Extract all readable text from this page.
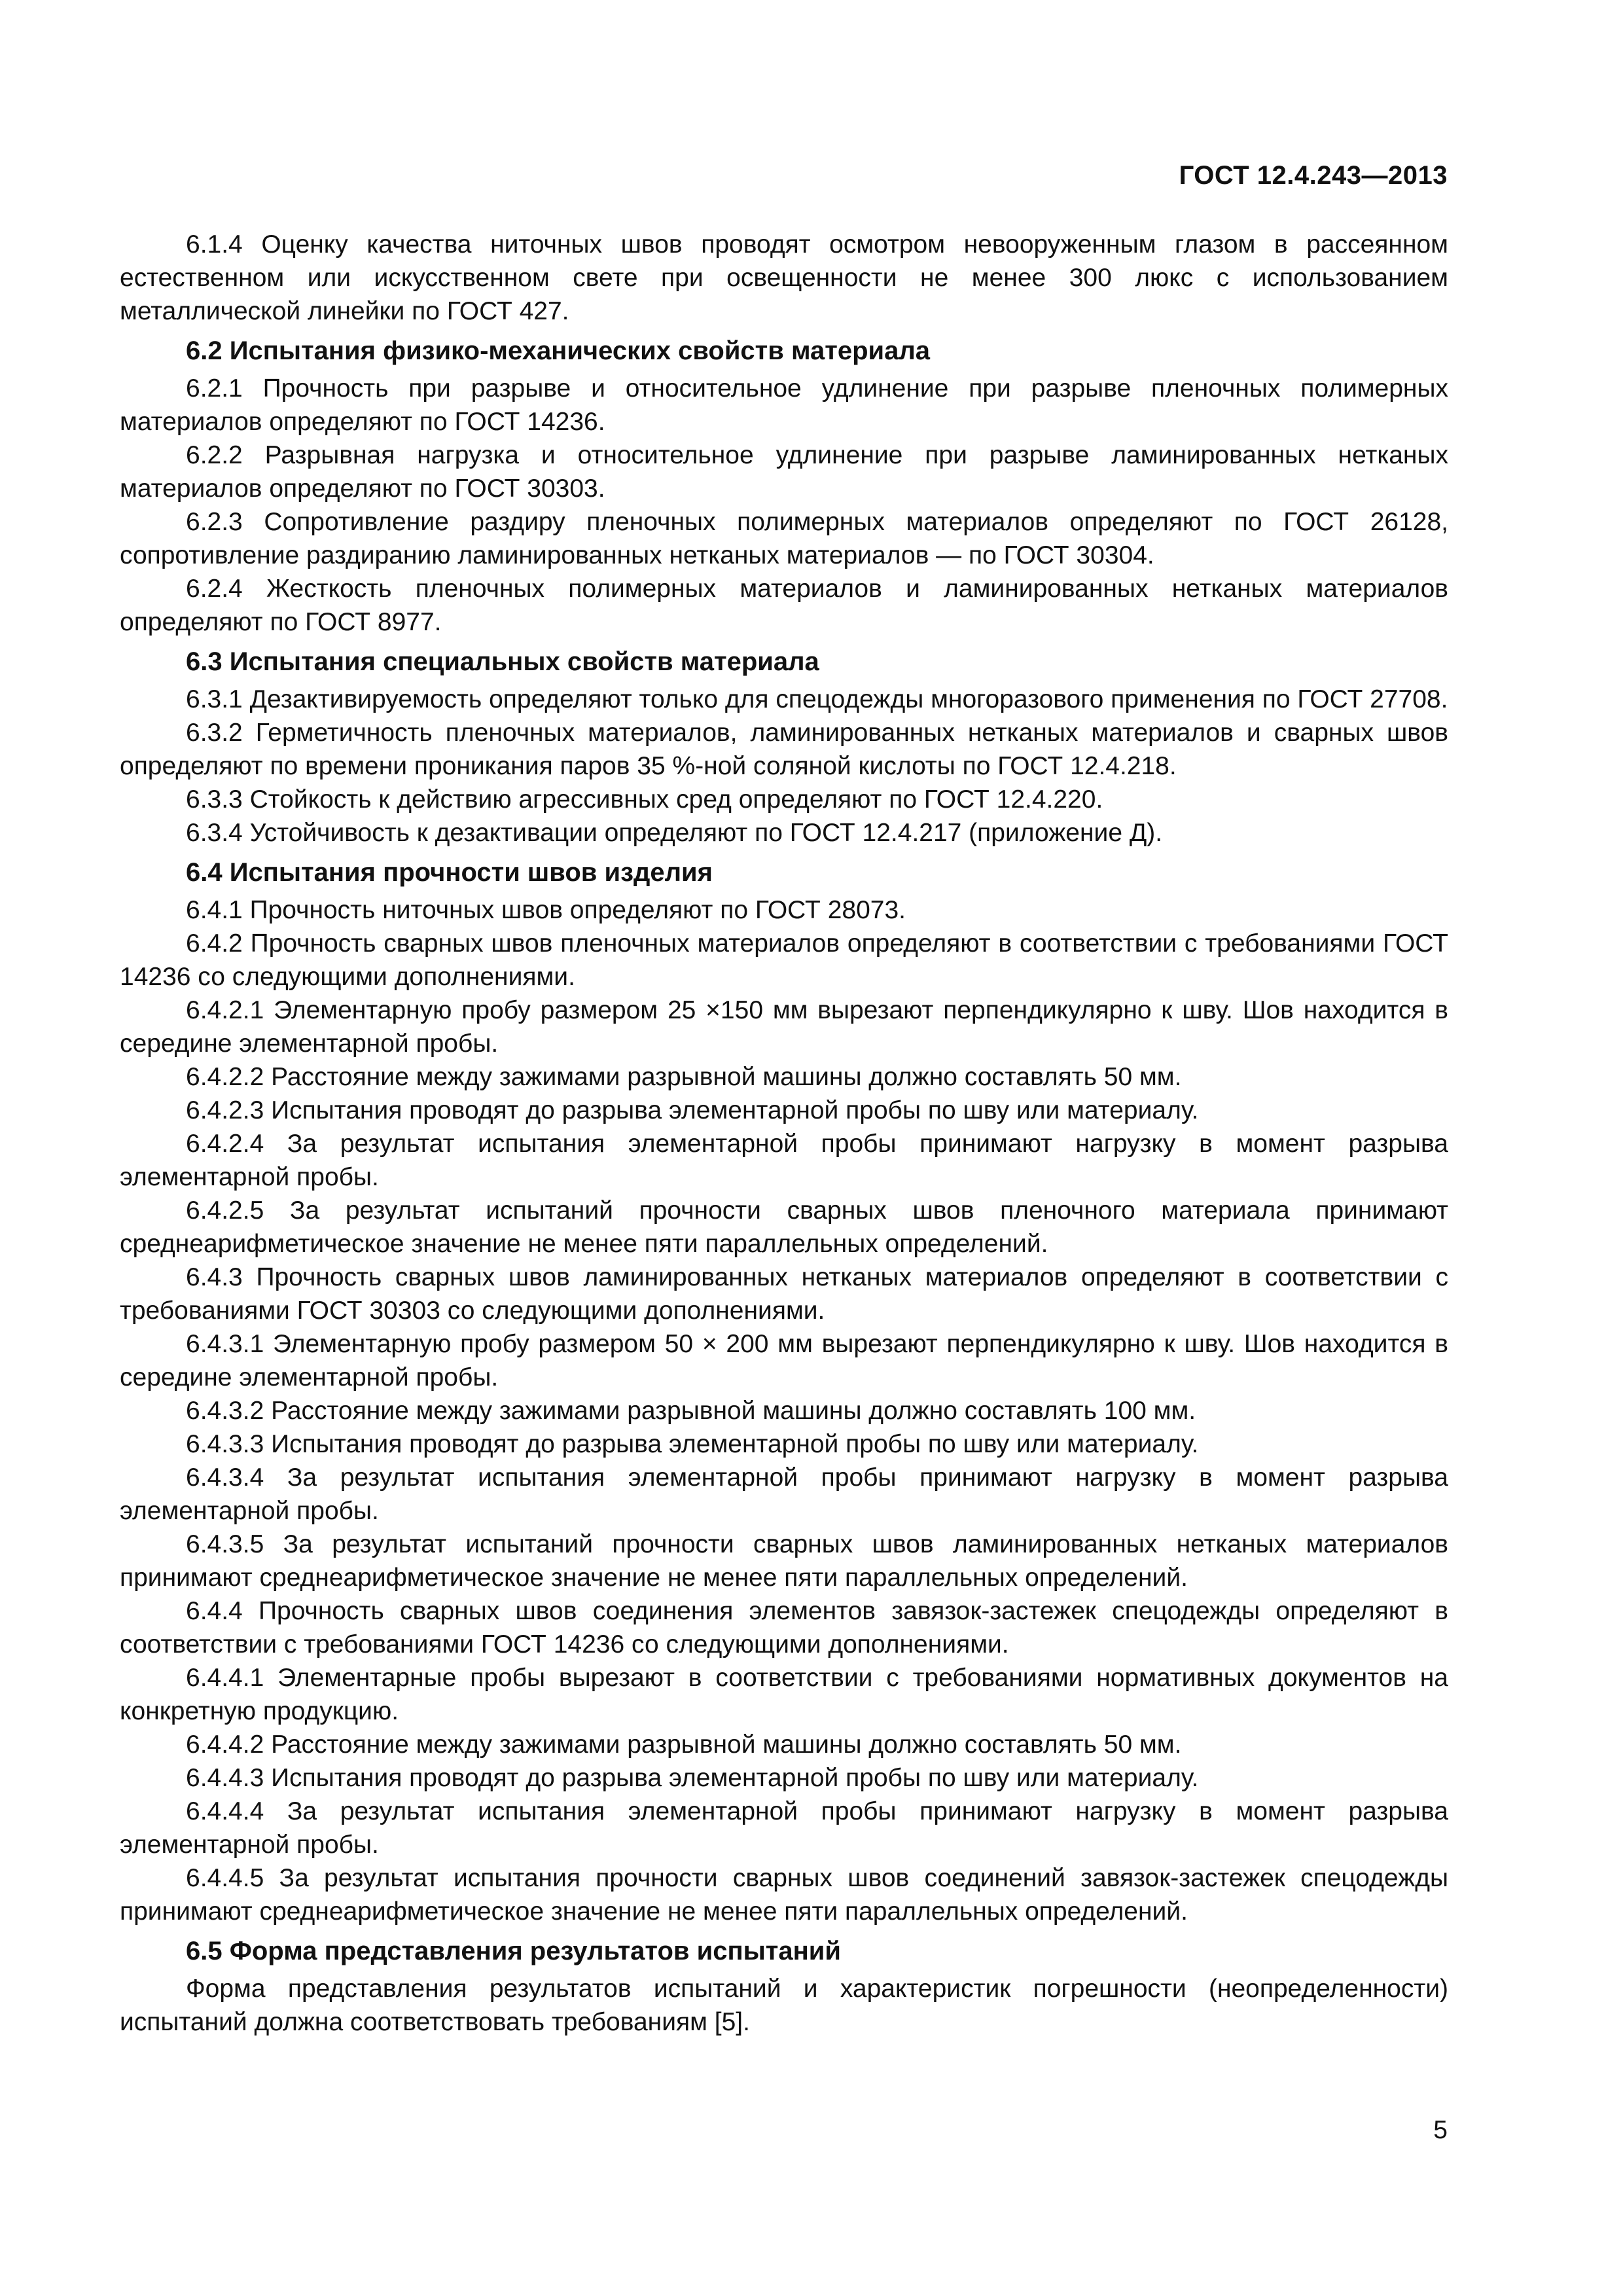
ГОСТ 12.4.243—2013

6.1.4 Оценку качества ниточных швов проводят осмотром невооруженным глазом в рассеянном естественном или искусственном свете при освещенности не менее 300 люкс с использованием металлической линейки по ГОСТ 427.

6.2 Испытания физико-механических свойств материала

6.2.1 Прочность при разрыве и относительное удлинение при разрыве пленочных полимерных материалов определяют по ГОСТ 14236.

6.2.2 Разрывная нагрузка и относительное удлинение при разрыве ламинированных нетканых материалов определяют по ГОСТ 30303.

6.2.3 Сопротивление раздиру пленочных полимерных материалов определяют по ГОСТ 26128, сопротивление раздиранию ламинированных нетканых материалов — по ГОСТ 30304.

6.2.4 Жесткость пленочных полимерных материалов и ламинированных нетканых материалов определяют по ГОСТ 8977.

6.3 Испытания специальных свойств материала

6.3.1 Дезактивируемость определяют только для спецодежды многоразового применения по ГОСТ 27708.

6.3.2 Герметичность пленочных материалов, ламинированных нетканых материалов и сварных швов определяют по времени проникания паров 35 %-ной соляной кислоты по ГОСТ 12.4.218.

6.3.3 Стойкость к действию агрессивных сред определяют по ГОСТ 12.4.220.

6.3.4 Устойчивость к дезактивации определяют по ГОСТ 12.4.217 (приложение Д).

6.4 Испытания прочности швов изделия

6.4.1 Прочность ниточных швов определяют по ГОСТ 28073.

6.4.2 Прочность сварных швов пленочных материалов определяют в соответствии с требованиями ГОСТ 14236 со следующими дополнениями.

6.4.2.1 Элементарную пробу размером 25 ×150 мм вырезают перпендикулярно к шву. Шов находится в середине элементарной пробы.

6.4.2.2 Расстояние между зажимами разрывной машины должно составлять 50 мм.

6.4.2.3 Испытания проводят до разрыва элементарной пробы по шву или материалу.

6.4.2.4 За результат испытания элементарной пробы принимают нагрузку в момент разрыва элементарной пробы.

6.4.2.5 За результат испытаний прочности сварных швов пленочного материала принимают среднеарифметическое значение не менее пяти параллельных определений.

6.4.3 Прочность сварных швов ламинированных нетканых материалов определяют в соответствии с требованиями ГОСТ 30303 со следующими дополнениями.

6.4.3.1 Элементарную пробу размером 50 × 200 мм вырезают перпендикулярно к шву. Шов находится в середине элементарной пробы.

6.4.3.2 Расстояние между зажимами разрывной машины должно составлять 100 мм.

6.4.3.3 Испытания проводят до разрыва элементарной пробы по шву или материалу.

6.4.3.4 За результат испытания элементарной пробы принимают нагрузку в момент разрыва элементарной пробы.

6.4.3.5 За результат испытаний прочности сварных швов ламинированных нетканых материалов принимают среднеарифметическое значение не менее пяти параллельных определений.

6.4.4 Прочность сварных швов соединения элементов завязок-застежек спецодежды определяют в соответствии с требованиями ГОСТ 14236 со следующими дополнениями.

6.4.4.1 Элементарные пробы вырезают в соответствии с требованиями нормативных документов на конкретную продукцию.

6.4.4.2 Расстояние между зажимами разрывной машины должно составлять 50 мм.

6.4.4.3 Испытания проводят до разрыва элементарной пробы по шву или материалу.

6.4.4.4 За результат испытания элементарной пробы принимают нагрузку в момент разрыва элементарной пробы.

6.4.4.5 За результат испытания прочности сварных швов соединений завязок-застежек спецодежды принимают среднеарифметическое значение не менее пяти параллельных определений.

6.5 Форма представления результатов испытаний

Форма представления результатов испытаний и характеристик погрешности (неопределенности) испытаний должна соответствовать требованиям [5].

5
